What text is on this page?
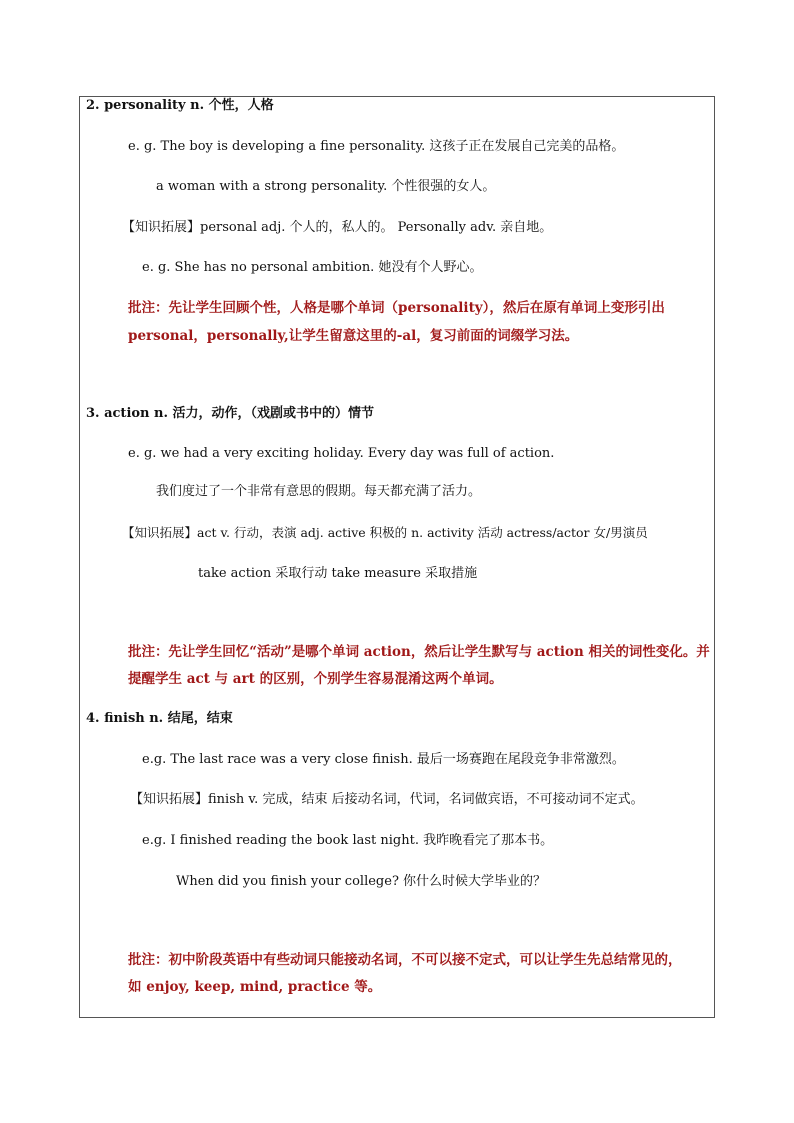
2. personality n. 个性，人格
e. g. The boy is developing a fine personality. 这孩子正在发展自己完美的品格。
a woman with a strong personality. 个性很强的女人。
【知识拓展】personal adj. 个人的，私人的。 Personally adv. 亲自地。
e. g. She has no personal ambition. 她没有个人野心。
批注：先让学生回顾个性，人格是哪个单词（personality），然后在原有单词上变形引出
personal，personally,让学生留意这里的-al，复习前面的词缀学习法。
3. action n. 活力，动作，（戏剧或书中的）情节
e. g. we had a very exciting holiday. Every day was full of action.
我们度过了一个非常有意思的假期。每天都充满了活力。
【知识拓展】act v. 行动，表演 adj. active 积极的 n. activity 活动 actress/actor 女/男演员
take action 采取行动 take measure 采取措施
批注：先让学生回忆“活动”是哪个单词 action，然后让学生默写与 action 相关的词性变化。并
提醒学生 act 与 art 的区别，个别学生容易混淆这两个单词。
4. finish n. 结尾，结束
e.g. The last race was a very close finish. 最后一场赛跑在尾段竞争非常激烈。
【知识拓展】finish v. 完成，结束 后接动名词，代词，名词做宾语，不可接动词不定式。
e.g. I finished reading the book last night. 我昨晚看完了那本书。
When did you finish your college? 你什么时候大学毕业的？
批注：初中阶段英语中有些动词只能接动名词，不可以接不定式，可以让学生先总结常见的，
如 enjoy, keep, mind, practice 等。
